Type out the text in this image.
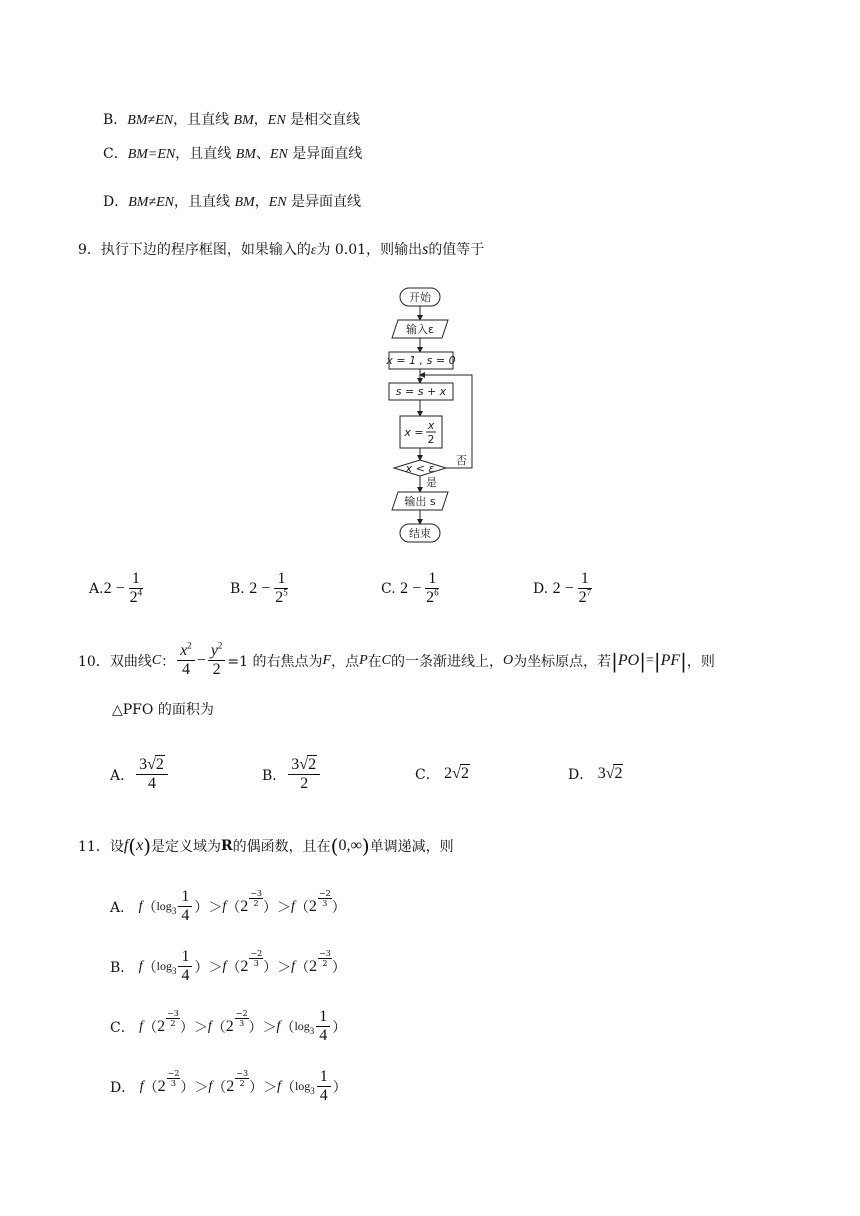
B．BM≠EN，且直线 BM，EN 是相交直线
C．BM=EN，且直线 BM、EN 是异面直线
D．BM≠EN，且直线 BM，EN 是异面直线
9．执行下边的程序框图，如果输入的ε为 0.01，则输出s的值等于
开始
输入ε
x = 1 , s = 0
s = s + x
x =
x
2
x < ε
否
是
输出 s
结束
A. $2 - \frac{1}{2^4}$	B.
$2 - \frac{1}{2^5}$	C.
$2 - \frac{1}{2^6}$	D.
$2 - \frac{1}{2^7}$
10． 双曲线 C ： $\frac{x^2}{4} - \frac{y^2}{2} =1$ 的右焦点为 F ，点 P 在 C 的一条渐进线上， O 为坐标原点，若 | PO | = | PF | ，则
△PFO 的面积为
A． $\frac{3√2}{4}$	B． $\frac{3√2}{2}$	C．
2√2	D．
3√2
11． 设 f ( x ) 是定义域为 R 的偶函数，且在 ( 0,∞ ) 单调递减，则
A．
f （ $\log 3 \frac{1}{4}$ ） ＞ f （ 2
−3
2 ） ＞ f （ 2
−2
3 ）
B．
f （ $\log 3 \frac{1}{4}$ ） ＞ f （ 2
−2
3 ） ＞ f （ 2
−3
2 ）
C．
f （ 2
−3
2 ） ＞ f （ 2
−2
3 ） ＞ f （ $\log 3 \frac{1}{4}$ ）
D．
f （ 2
−2
3 ） ＞ f （ 2
−3
2 ） ＞ f （ $\log 3 \frac{1}{4}$ ）
